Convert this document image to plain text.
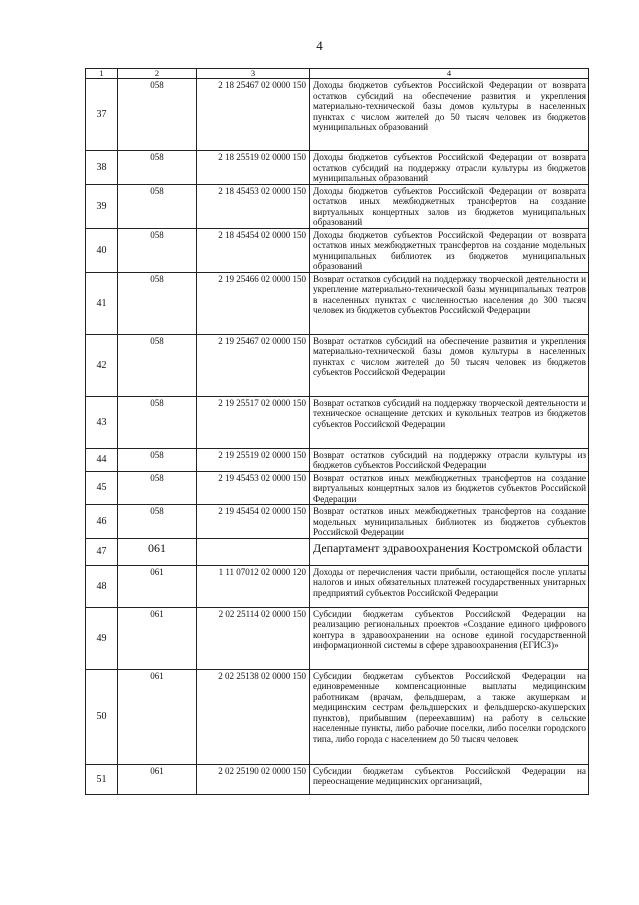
4
1	2	3	4
37	058	2 18 25467 02 0000 150	Доходы бюджетов субъектов Российской Федерации от возврата остатков субсидий на обеспечение развития и укрепления материально-технической базы домов культуры в населенных пунктах с числом жителей до 50 тысяч человек из бюджетов муниципальных образований
38	058	2 18 25519 02 0000 150	Доходы бюджетов субъектов Российской Федерации от возврата остатков субсидий на поддержку отрасли культуры из бюджетов муниципальных образований
39	058	2 18 45453 02 0000 150	Доходы бюджетов субъектов Российской Федерации от возврата остатков иных межбюджетных трансфертов на создание виртуальных концертных залов из бюджетов муниципальных образований
40	058	2 18 45454 02 0000 150	Доходы бюджетов субъектов Российской Федерации от возврата остатков иных межбюджетных трансфертов на создание модельных муниципальных библиотек из бюджетов муниципальных образований
41	058	2 19 25466 02 0000 150	Возврат остатков субсидий на поддержку творческой деятельности и укрепление материально-технической базы муниципальных театров в населенных пунктах с численностью населения до 300 тысяч человек из бюджетов субъектов Российской Федерации
42	058	2 19 25467 02 0000 150	Возврат остатков субсидий на обеспечение развития и укрепления материально-технической базы домов культуры в населенных пунктах с числом жителей до 50 тысяч человек из бюджетов субъектов Российской Федерации
43	058	2 19 25517 02 0000 150	Возврат остатков субсидий на поддержку творческой деятельности и техническое оснащение детских и кукольных театров из бюджетов субъектов Российской Федерации
44	058	2 19 25519 02 0000 150	Возврат остатков субсидий на поддержку отрасли культуры из бюджетов субъектов Российской Федерации
45	058	2 19 45453 02 0000 150	Возврат остатков иных межбюджетных трансфертов на создание виртуальных концертных залов из бюджетов субъектов Российской Федерации
46	058	2 19 45454 02 0000 150	Возврат остатков иных межбюджетных трансфертов на создание модельных муниципальных библиотек из бюджетов субъектов Российской Федерации
47	061		Департамент здравоохранения Костромской области
48	061	1 11 07012 02 0000 120	Доходы от перечисления части прибыли, остающейся после уплаты налогов и иных обязательных платежей государственных унитарных предприятий субъектов Российской Федерации
49	061	2 02 25114 02 0000 150	Субсидии бюджетам субъектов Российской Федерации на реализацию региональных проектов «Создание единого цифрового контура в здравоохранении на основе единой государственной информационной системы в сфере здравоохранения (ЕГИСЗ)»
50	061	2 02 25138 02 0000 150	Субсидии бюджетам субъектов Российской Федерации на единовременные компенсационные выплаты медицинским работникам (врачам, фельдшерам, а также акушеркам и медицинским сестрам фельдшерских и фельдшерско-акушерских пунктов), прибывшим (переехавшим) на работу в сельские населенные пункты, либо рабочие поселки, либо поселки городского типа, либо города с населением до 50 тысяч человек
51	061	2 02 25190 02 0000 150	Субсидии бюджетам субъектов Российской Федерации на переоснащение медицинских организаций,
